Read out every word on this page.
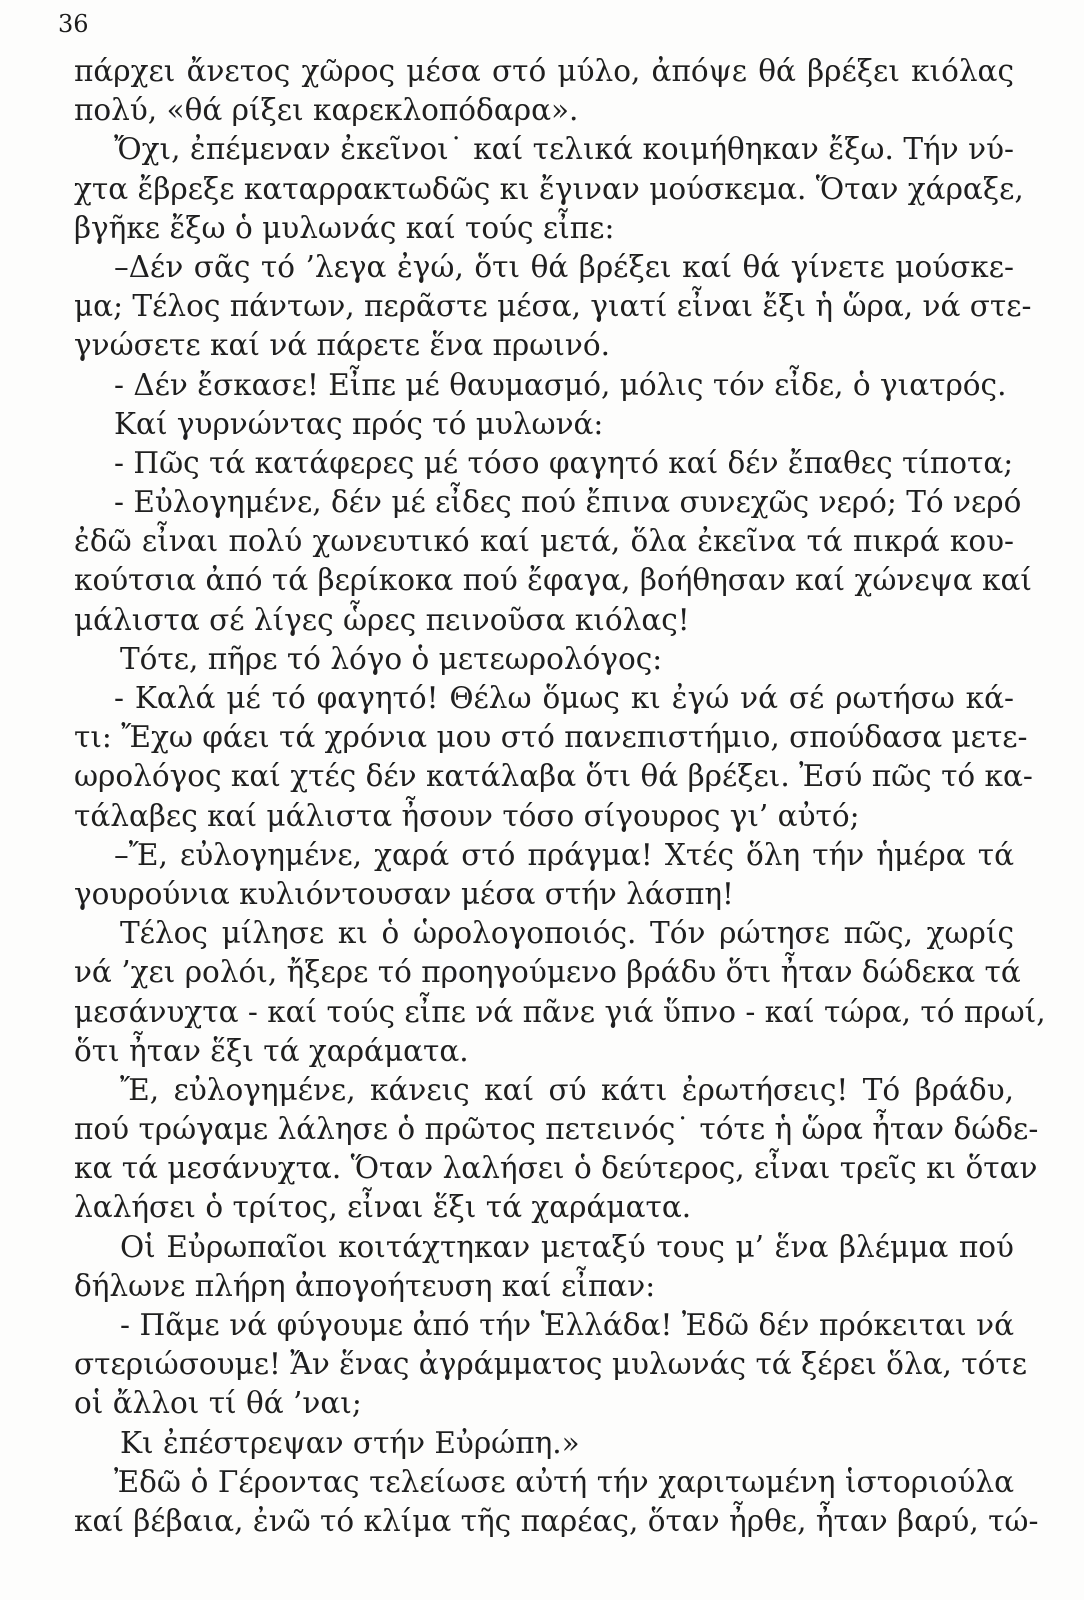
36

πάρχει ἄνετος χῶρος μέσα στό μύλο, ἀπόψε θά βρέξει κιόλας
πολύ, «θά ρίξει καρεκλοπόδαρα».
Ὄχι, ἐπέμεναν ἐκεῖνοι˙ καί τελικά κοιμήθηκαν ἔξω. Τήν νύ-
χτα ἔβρεξε καταρρακτωδῶς κι ἔγιναν μούσκεμα. Ὅταν χάραξε,
βγῆκε ἔξω ὁ μυλωνάς καί τούς εἶπε:
–Δέν σᾶς τό ’λεγα ἐγώ, ὅτι θά βρέξει καί θά γίνετε μούσκε-
μα; Τέλος πάντων, περᾶστε μέσα, γιατί εἶναι ἔξι ἡ ὥρα, νά στε-
γνώσετε καί νά πάρετε ἕνα πρωινό.
- Δέν ἔσκασε! Εἶπε μέ θαυμασμό, μόλις τόν εἶδε, ὁ γιατρός.
Καί γυρνώντας πρός τό μυλωνά:
- Πῶς τά κατάφερες μέ τόσο φαγητό καί δέν ἔπαθες τίποτα;
- Εὐλογημένε, δέν μέ εἶδες πού ἔπινα συνεχῶς νερό; Τό νερό
ἐδῶ εἶναι πολύ χωνευτικό καί μετά, ὅλα ἐκεῖνα τά πικρά κου-
κούτσια ἀπό τά βερίκοκα πού ἔφαγα, βοήθησαν καί χώνεψα καί
μάλιστα σέ λίγες ὧρες πεινοῦσα κιόλας!
Τότε, πῆρε τό λόγο ὁ μετεωρολόγος:
- Καλά μέ τό φαγητό! Θέλω ὅμως κι ἐγώ νά σέ ρωτήσω κά-
τι: Ἔχω φάει τά χρόνια μου στό πανεπιστήμιο, σπούδασα μετε-
ωρολόγος καί χτές δέν κατάλαβα ὅτι θά βρέξει. Ἐσύ πῶς τό κα-
τάλαβες καί μάλιστα ἦσουν τόσο σίγουρος γι’ αὐτό;
–Ἔ, εὐλογημένε, χαρά στό πράγμα! Χτές ὅλη τήν ἡμέρα τά
γουρούνια κυλιόντουσαν μέσα στήν λάσπη!
Τέλος μίλησε κι ὁ ὡρολογοποιός. Τόν ρώτησε πῶς, χωρίς
νά ’χει ρολόι, ἤξερε τό προηγούμενο βράδυ ὅτι ἦταν δώδεκα τά
μεσάνυχτα - καί τούς εἶπε νά πᾶνε γιά ὕπνο - καί τώρα, τό πρωί,
ὅτι ἦταν ἕξι τά χαράματα.
Ἔ, εὐλογημένε, κάνεις καί σύ κάτι ἐρωτήσεις! Τό βράδυ,
πού τρώγαμε λάλησε ὁ πρῶτος πετεινός˙ τότε ἡ ὥρα ἦταν δώδε-
κα τά μεσάνυχτα. Ὅταν λαλήσει ὁ δεύτερος, εἶναι τρεῖς κι ὅταν
λαλήσει ὁ τρίτος, εἶναι ἕξι τά χαράματα.
Οἱ Εὐρωπαῖοι κοιτάχτηκαν μεταξύ τους μ’ ἕνα βλέμμα πού
δήλωνε πλήρη ἀπογοήτευση καί εἶπαν:
- Πᾶμε νά φύγουμε ἀπό τήν Ἑλλάδα! Ἐδῶ δέν πρόκειται νά
στεριώσουμε! Ἄν ἕνας ἀγράμματος μυλωνάς τά ξέρει ὅλα, τότε
οἱ ἄλλοι τί θά ’ναι;
Κι ἐπέστρεψαν στήν Εὐρώπη.»
Ἐδῶ ὁ Γέροντας τελείωσε αὐτή τήν χαριτωμένη ἱστοριούλα
καί βέβαια, ἐνῶ τό κλίμα τῆς παρέας, ὅταν ἦρθε, ἦταν βαρύ, τώ-
